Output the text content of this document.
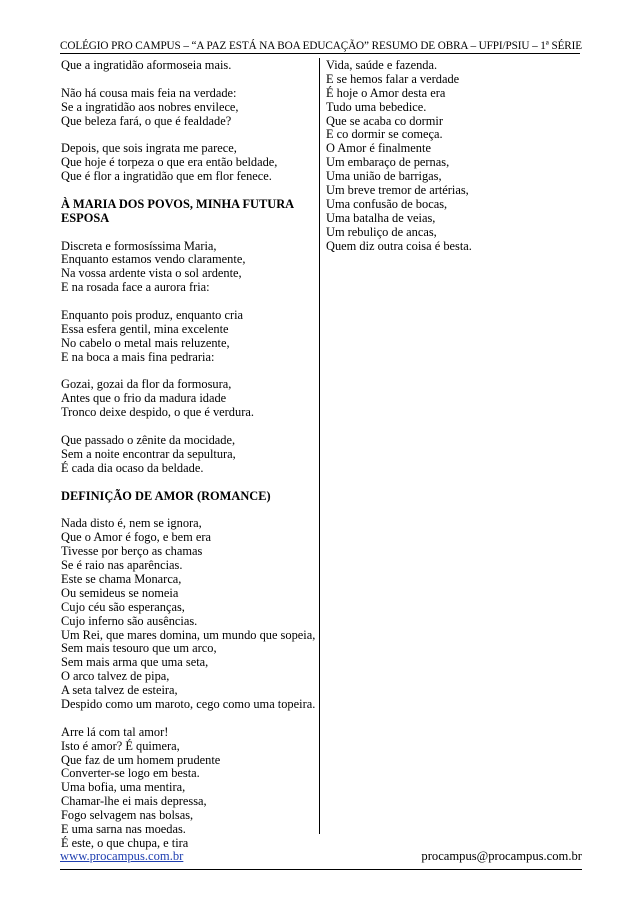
COLÉGIO PRO CAMPUS – “A PAZ ESTÁ NA BOA EDUCAÇÃO” RESUMO DE OBRA – UFPI/PSIU – 1ª SÉRIE
Que a ingratidão aformoseia mais.
Não há cousa mais feia na verdade:
Se a ingratidão aos nobres envilece,
Que beleza fará, o que é fealdade?
Depois, que sois ingrata me parece,
Que hoje é torpeza o que era então beldade,
Que é flor a ingratidão que em flor fenece.
À MARIA DOS POVOS, MINHA FUTURA
ESPOSA
Discreta e formosíssima Maria,
Enquanto estamos vendo claramente,
Na vossa ardente vista o sol ardente,
E na rosada face a aurora fria:
Enquanto pois produz, enquanto cria
Essa esfera gentil, mina excelente
No cabelo o metal mais reluzente,
E na boca a mais fina pedraria:
Gozai, gozai da flor da formosura,
Antes que o frio da madura idade
Tronco deixe despido, o que é verdura.
Que passado o zênite da mocidade,
Sem a noite encontrar da sepultura,
É cada dia ocaso da beldade.
DEFINIÇÃO DE AMOR (ROMANCE)
Nada disto é, nem se ignora,
Que o Amor é fogo, e bem era
Tivesse por berço as chamas
Se é raio nas aparências.
Este se chama Monarca,
Ou semideus se nomeia
Cujo céu são esperanças,
Cujo inferno são ausências.
Um Rei, que mares domina, um mundo que sopeia,
Sem mais tesouro que um arco,
Sem mais arma que uma seta,
O arco talvez de pipa,
A seta talvez de esteira,
Despido como um maroto, cego como uma topeira.
Arre lá com tal amor!
Isto é amor? É quimera,
Que faz de um homem prudente
Converter-se logo em besta.
Uma bofia, uma mentira,
Chamar-lhe ei mais depressa,
Fogo selvagem nas bolsas,
E uma sarna nas moedas.
É este, o que chupa, e tira
Vida, saúde e fazenda.
E se hemos falar a verdade
É hoje o Amor desta era
Tudo uma bebedice.
Que se acaba co dormir
E co dormir se começa.
O Amor é finalmente
Um embaraço de pernas,
Uma união de barrigas,
Um breve tremor de artérias,
Uma confusão de bocas,
Uma batalha de veias,
Um rebuliço de ancas,
Quem diz outra coisa é besta.
www.procampus.com.br	procampus@procampus.com.br
